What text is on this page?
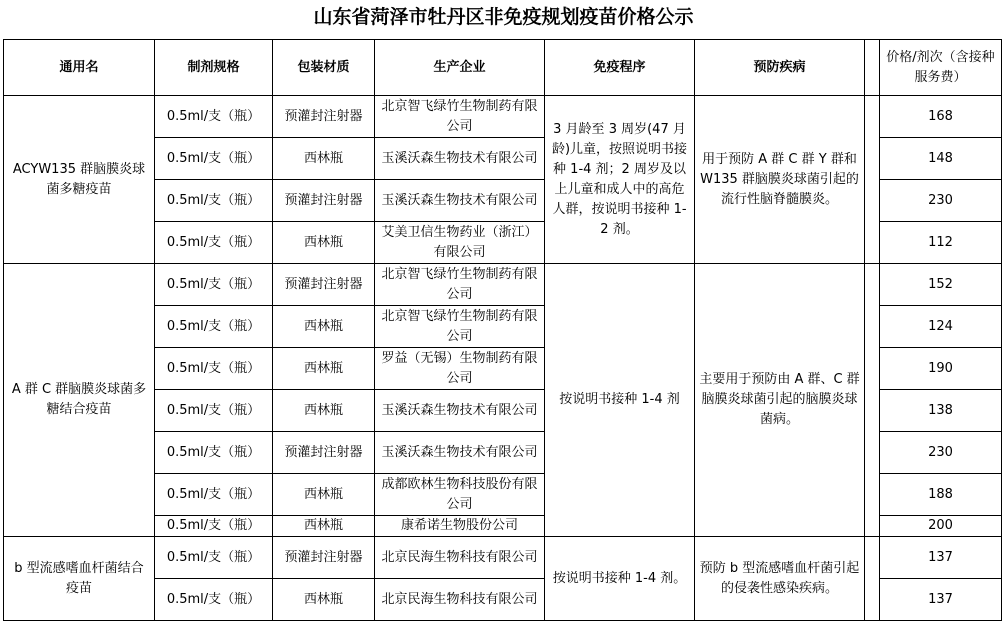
山东省菏泽市牡丹区非免疫规划疫苗价格公示
通用名	制剂规格	包装材质	生产企业	免疫程序	预防疾病		价格/剂次（含接种服务费）
ACYW135 群脑膜炎球菌多糖疫苗	0.5ml/支（瓶）	预灌封注射器	北京智飞绿竹生物制药有限公司	3 月龄至 3 周岁(47 月龄)儿童，按照说明书接种 1-4 剂；2 周岁及以上儿童和成人中的高危人群，按说明书接种 1-2 剂。	用于预防 A 群 C 群 Y 群和 W135 群脑膜炎球菌引起的流行性脑脊髓膜炎。		168
	0.5ml/支（瓶）	西林瓶	玉溪沃森生物技术有限公司				148
	0.5ml/支（瓶）	预灌封注射器	玉溪沃森生物技术有限公司				230
	0.5ml/支（瓶）	西林瓶	艾美卫信生物药业（浙江）有限公司				112
A 群 C 群脑膜炎球菌多糖结合疫苗	0.5ml/支（瓶）	预灌封注射器	北京智飞绿竹生物制药有限公司	按说明书接种 1-4 剂	主要用于预防由 A 群、C 群脑膜炎球菌引起的脑膜炎球菌病。		152
	0.5ml/支（瓶）	西林瓶	北京智飞绿竹生物制药有限公司				124
	0.5ml/支（瓶）	西林瓶	罗益（无锡）生物制药有限公司				190
	0.5ml/支（瓶）	西林瓶	玉溪沃森生物技术有限公司				138
	0.5ml/支（瓶）	预灌封注射器	玉溪沃森生物技术有限公司				230
	0.5ml/支（瓶）	西林瓶	成都欧林生物科技股份有限公司				188
	0.5ml/支（瓶）	西林瓶	康希诺生物股份公司				200
b 型流感嗜血杆菌结合疫苗	0.5ml/支（瓶）	预灌封注射器	北京民海生物科技有限公司	按说明书接种 1-4 剂。	预防 b 型流感嗜血杆菌引起的侵袭性感染疾病。		137
	0.5ml/支（瓶）	西林瓶	北京民海生物科技有限公司				137
